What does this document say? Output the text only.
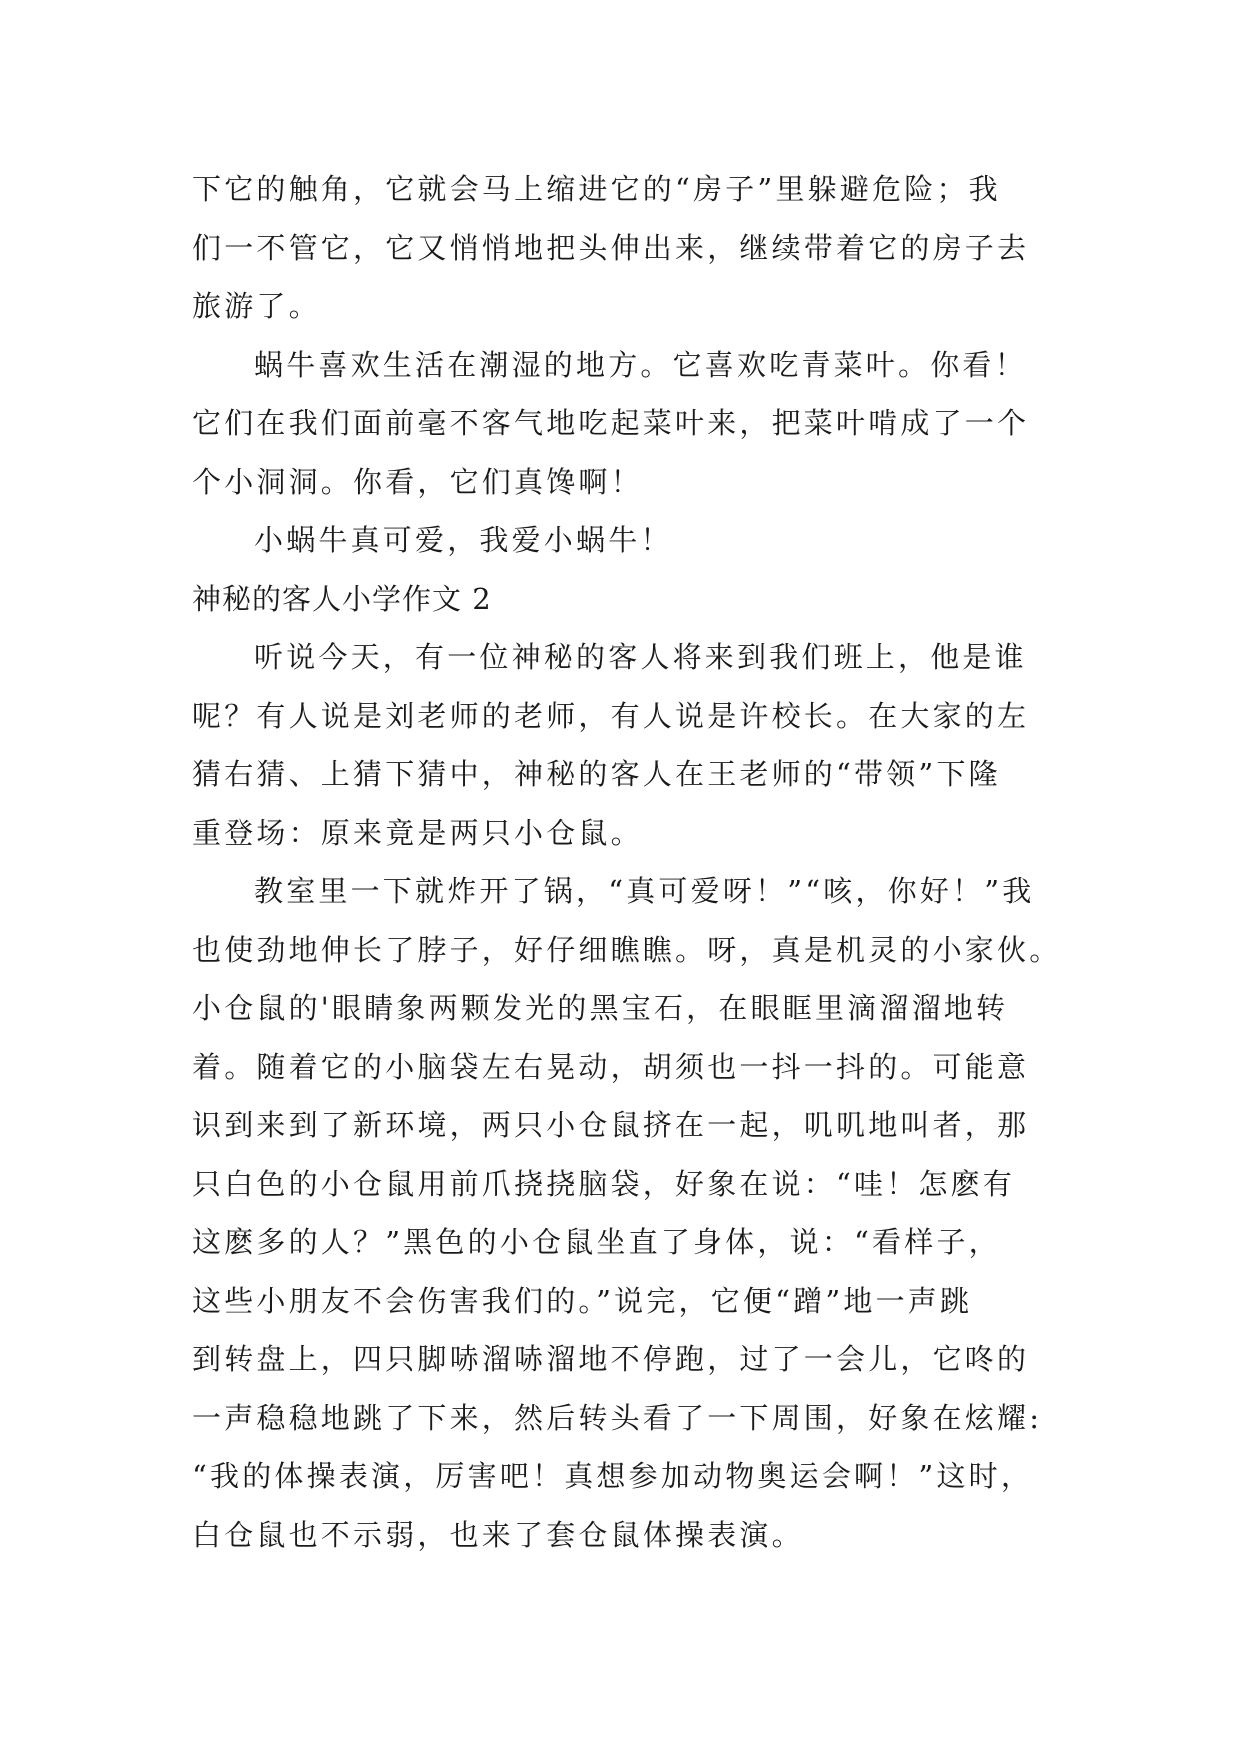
下它的触角，它就会马上缩进它的“房子”里躲避危险；我
们一不管它，它又悄悄地把头伸出来，继续带着它的房子去
旅游了。
蜗牛喜欢生活在潮湿的地方。它喜欢吃青菜叶。你看！
它们在我们面前毫不客气地吃起菜叶来，把菜叶啃成了一个
个小洞洞。你看，它们真馋啊！
小蜗牛真可爱，我爱小蜗牛！
神秘的客人小学作文 2
听说今天，有一位神秘的客人将来到我们班上，他是谁
呢？有人说是刘老师的老师，有人说是许校长。在大家的左
猜右猜、上猜下猜中，神秘的客人在王老师的“带领”下隆
重登场：原来竟是两只小仓鼠。
教室里一下就炸开了锅，“真可爱呀！”“咳，你好！”我
也使劲地伸长了脖子，好仔细瞧瞧。呀，真是机灵的小家伙。
小仓鼠的'眼睛象两颗发光的黑宝石，在眼眶里滴溜溜地转
着。随着它的小脑袋左右晃动，胡须也一抖一抖的。可能意
识到来到了新环境，两只小仓鼠挤在一起，叽叽地叫者，那
只白色的小仓鼠用前爪挠挠脑袋，好象在说：“哇！怎麽有
这麽多的人？”黑色的小仓鼠坐直了身体，说：“看样子，
这些小朋友不会伤害我们的。”说完，它便“蹭”地一声跳
到转盘上，四只脚哧溜哧溜地不停跑，过了一会儿，它咚的
一声稳稳地跳了下来，然后转头看了一下周围，好象在炫耀:
“我的体操表演，厉害吧！真想参加动物奥运会啊！”这时，
白仓鼠也不示弱，也来了套仓鼠体操表演。
